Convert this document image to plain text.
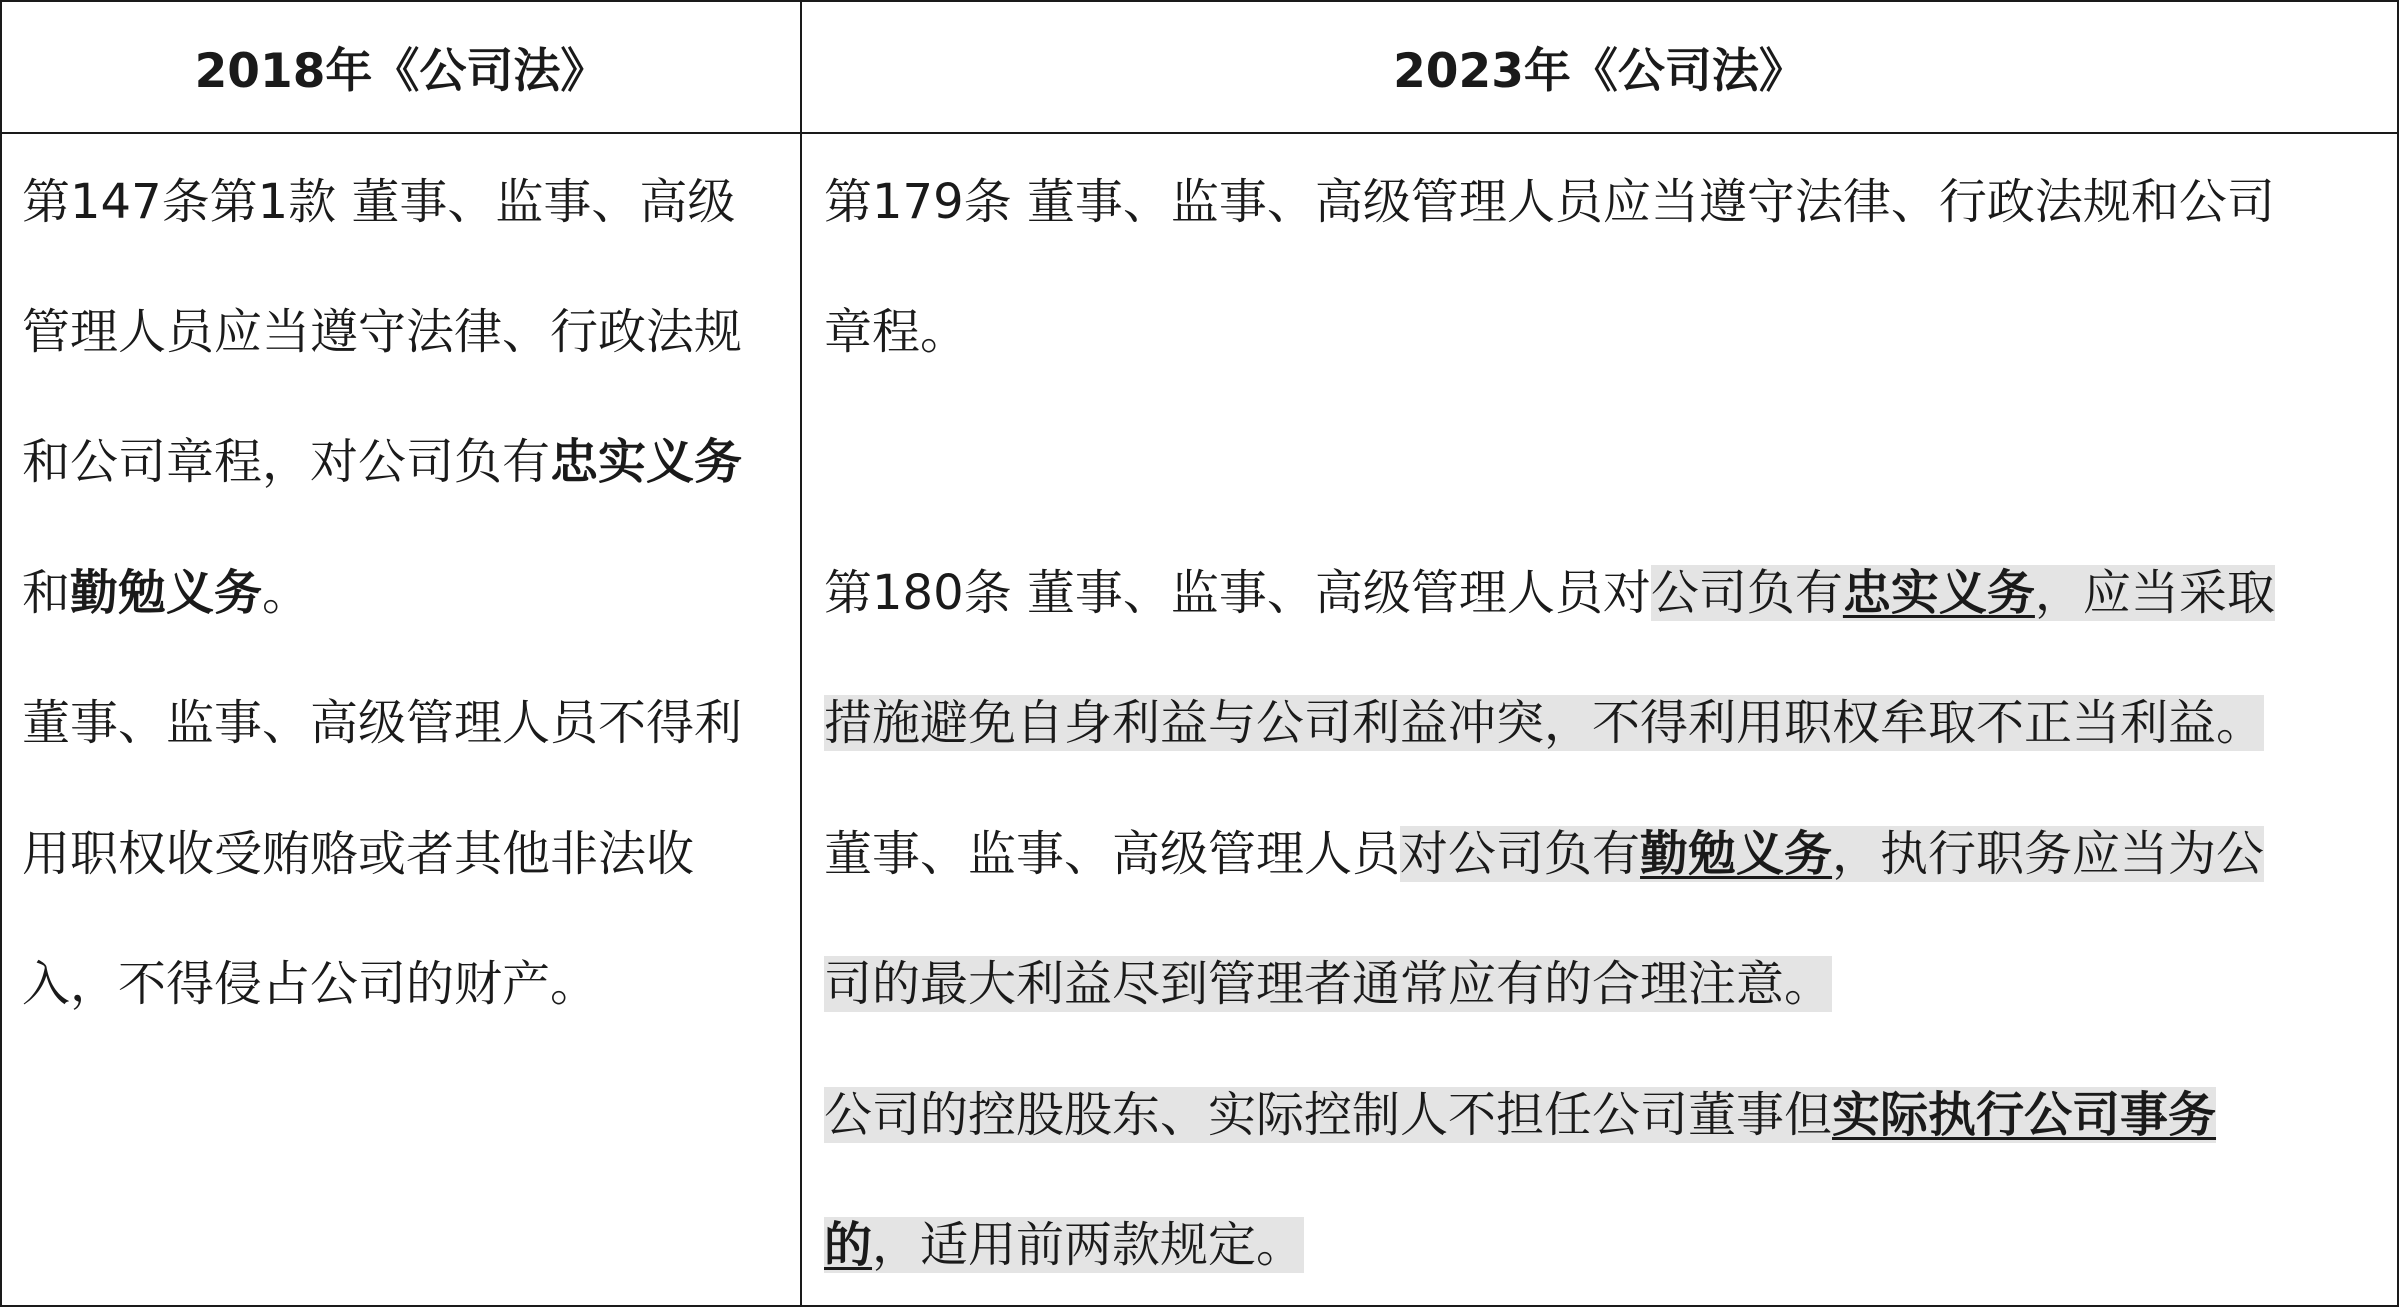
2018年《公司法》	2023年《公司法》
第147条第1款 董事、监事、高级
管理人员应当遵守法律、行政法规
和公司章程，对公司负有忠实义务
和勤勉义务。
董事、监事、高级管理人员不得利
用职权收受贿赂或者其他非法收
入，不得侵占公司的财产。
第179条 董事、监事、高级管理人员应当遵守法律、行政法规和公司
章程。
第180条 董事、监事、高级管理人员对公司负有忠实义务，应当采取
措施避免自身利益与公司利益冲突，不得利用职权牟取不正当利益。
董事、监事、高级管理人员对公司负有勤勉义务，执行职务应当为公
司的最大利益尽到管理者通常应有的合理注意。
公司的控股股东、实际控制人不担任公司董事但实际执行公司事务
的，适用前两款规定。
